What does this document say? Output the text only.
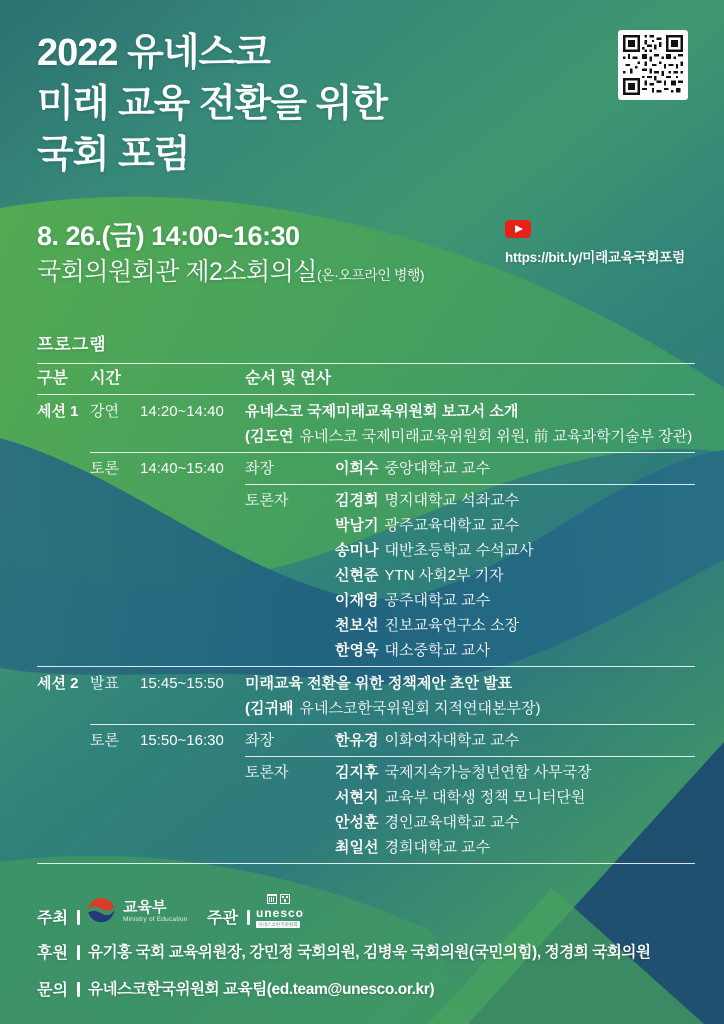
2022 유네스코
미래 교육 전환을 위한
국회 포럼
8. 26.(금) 14:00~16:30
국회의원회관 제2소회의실(온·오프라인 병행)
https://bit.ly/미래교육국회포럼
프로그램
구분 시간	순서 및 연사
세션 1 강연 14:20~14:40 유네스코 국제미래교육위원회 보고서 소개
(김도연 유네스코 국제미래교육위원회 위원, 前 교육과학기술부 장관)
토론 14:40~15:40 좌장	이희수 중앙대학교 교수
토론자	김경회 명지대학교 석좌교수
박남기 광주교육대학교 교수
송미나 대반초등학교 수석교사
신현준 YTN 사회2부 기자
이재영 공주대학교 교수
천보선 진보교육연구소 소장
한영욱 대소중학교 교사
세션 2 발표 15:45~15:50 미래교육 전환을 위한 정책제안 초안 발표
(김귀배 유네스코한국위원회 지적연대본부장)
토론 15:50~16:30 좌장	한유경 이화여자대학교 교수
토론자	김지후 국제지속가능청년연합 사무국장
서현지 교육부 대학생 정책 모니터단원
안성훈 경인교육대학교 교수
최일선 경희대학교 교수
주최
교육부
Ministry of Education 주관	unesco
유네스코한국위원회
후원	유기홍 국회 교육위원장, 강민정 국회의원, 김병욱 국회의원(국민의힘), 정경희 국회의원
문의	유네스코한국위원회 교육팀(ed.team@unesco.or.kr)
